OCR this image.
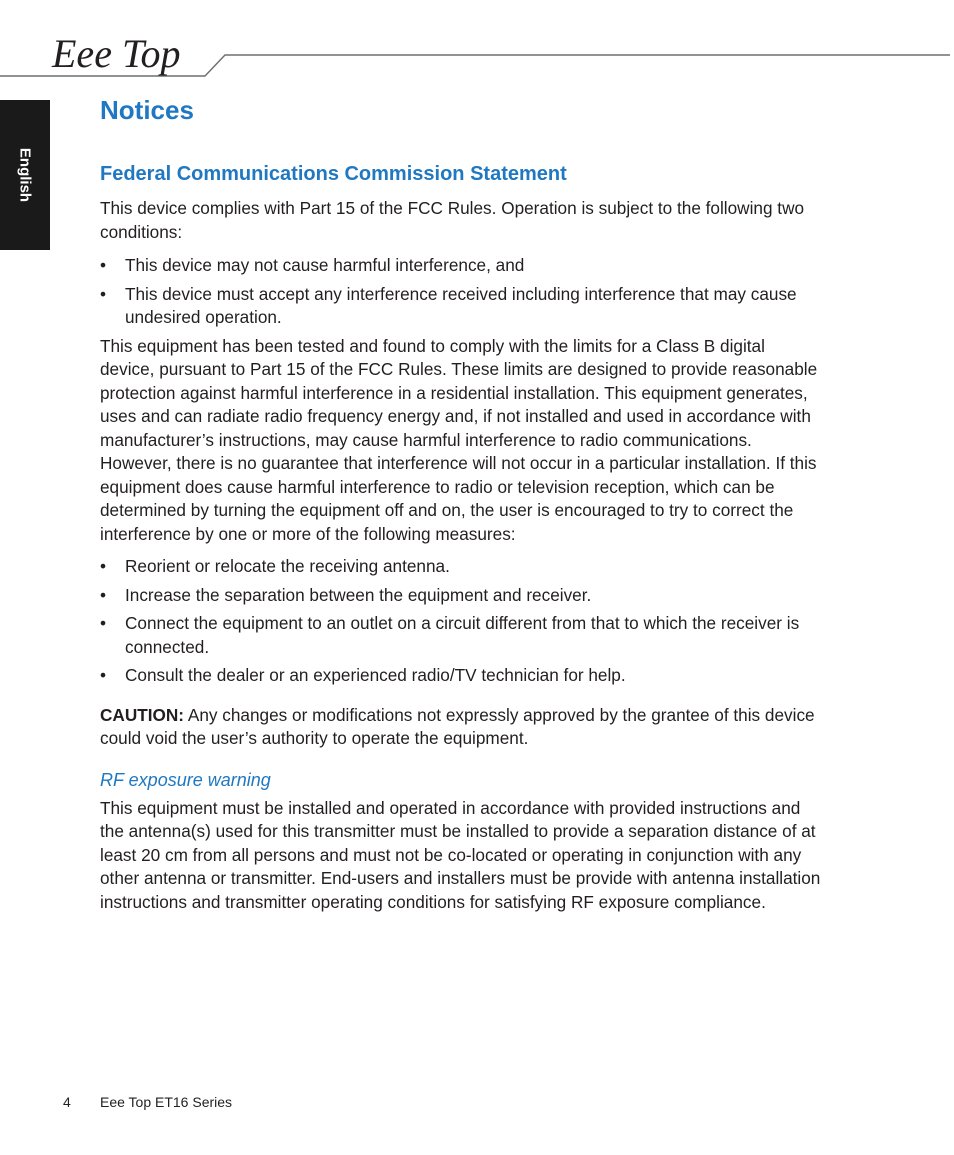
Eee Top
English
Notices
Federal Communications Commission Statement

This device complies with Part 15 of the FCC Rules. Operation is subject to the following two conditions:

• This device may not cause harmful interference, and
• This device must accept any interference received including interference that may cause undesired operation.

This equipment has been tested and found to comply with the limits for a Class B digital device, pursuant to Part 15 of the FCC Rules. These limits are designed to provide reasonable protection against harmful interference in a residential installation. This equipment generates, uses and can radiate radio frequency energy and, if not installed and used in accordance with manufacturer’s instructions, may cause harmful interference to radio communications. However, there is no guarantee that interference will not occur in a particular installation. If this equipment does cause harmful interference to radio or television reception, which can be determined by turning the equipment off and on, the user is encouraged to try to correct the interference by one or more of the following measures:

• Reorient or relocate the receiving antenna.
• Increase the separation between the equipment and receiver.
• Connect the equipment to an outlet on a circuit different from that to which the receiver is connected.
• Consult the dealer or an experienced radio/TV technician for help.

CAUTION: Any changes or modifications not expressly approved by the grantee of this device could void the user’s authority to operate the equipment.

RF exposure warning

This equipment must be installed and operated in accordance with provided instructions and the antenna(s) used for this transmitter must be installed to provide a separation distance of at least 20 cm from all persons and must not be co-located or operating in conjunction with any other antenna or transmitter. End-users and installers must be provide with antenna installation instructions and transmitter operating conditions for satisfying RF exposure compliance.

4 Eee Top ET16 Series
